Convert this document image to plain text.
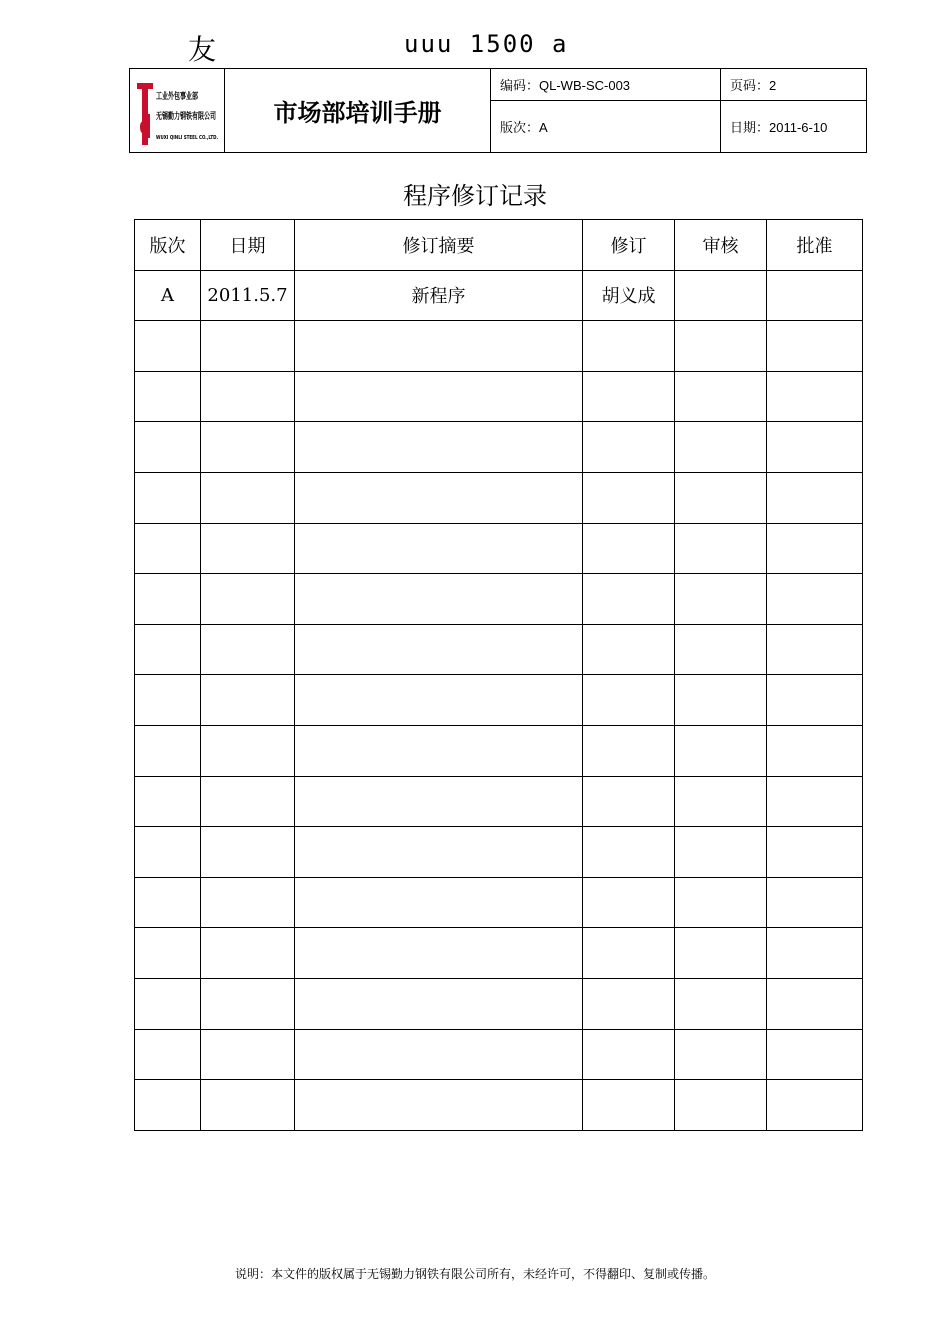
友	uuu 1500 a
工业外包事业部
无锡勤力钢铁有限公司
WUXI QINLI STEEL CO.,LTD.	市场部培训手册	编码：QL-WB-SC-003	页码：2
		版次：A	日期：2011-6-10
程序修订记录
版次	日期	修订摘要	修订	审核	批准
A	2011.5.7	新程序	胡义成		

说明：本文件的版权属于无锡勤力钢铁有限公司所有，未经许可，不得翻印、复制或传播。
